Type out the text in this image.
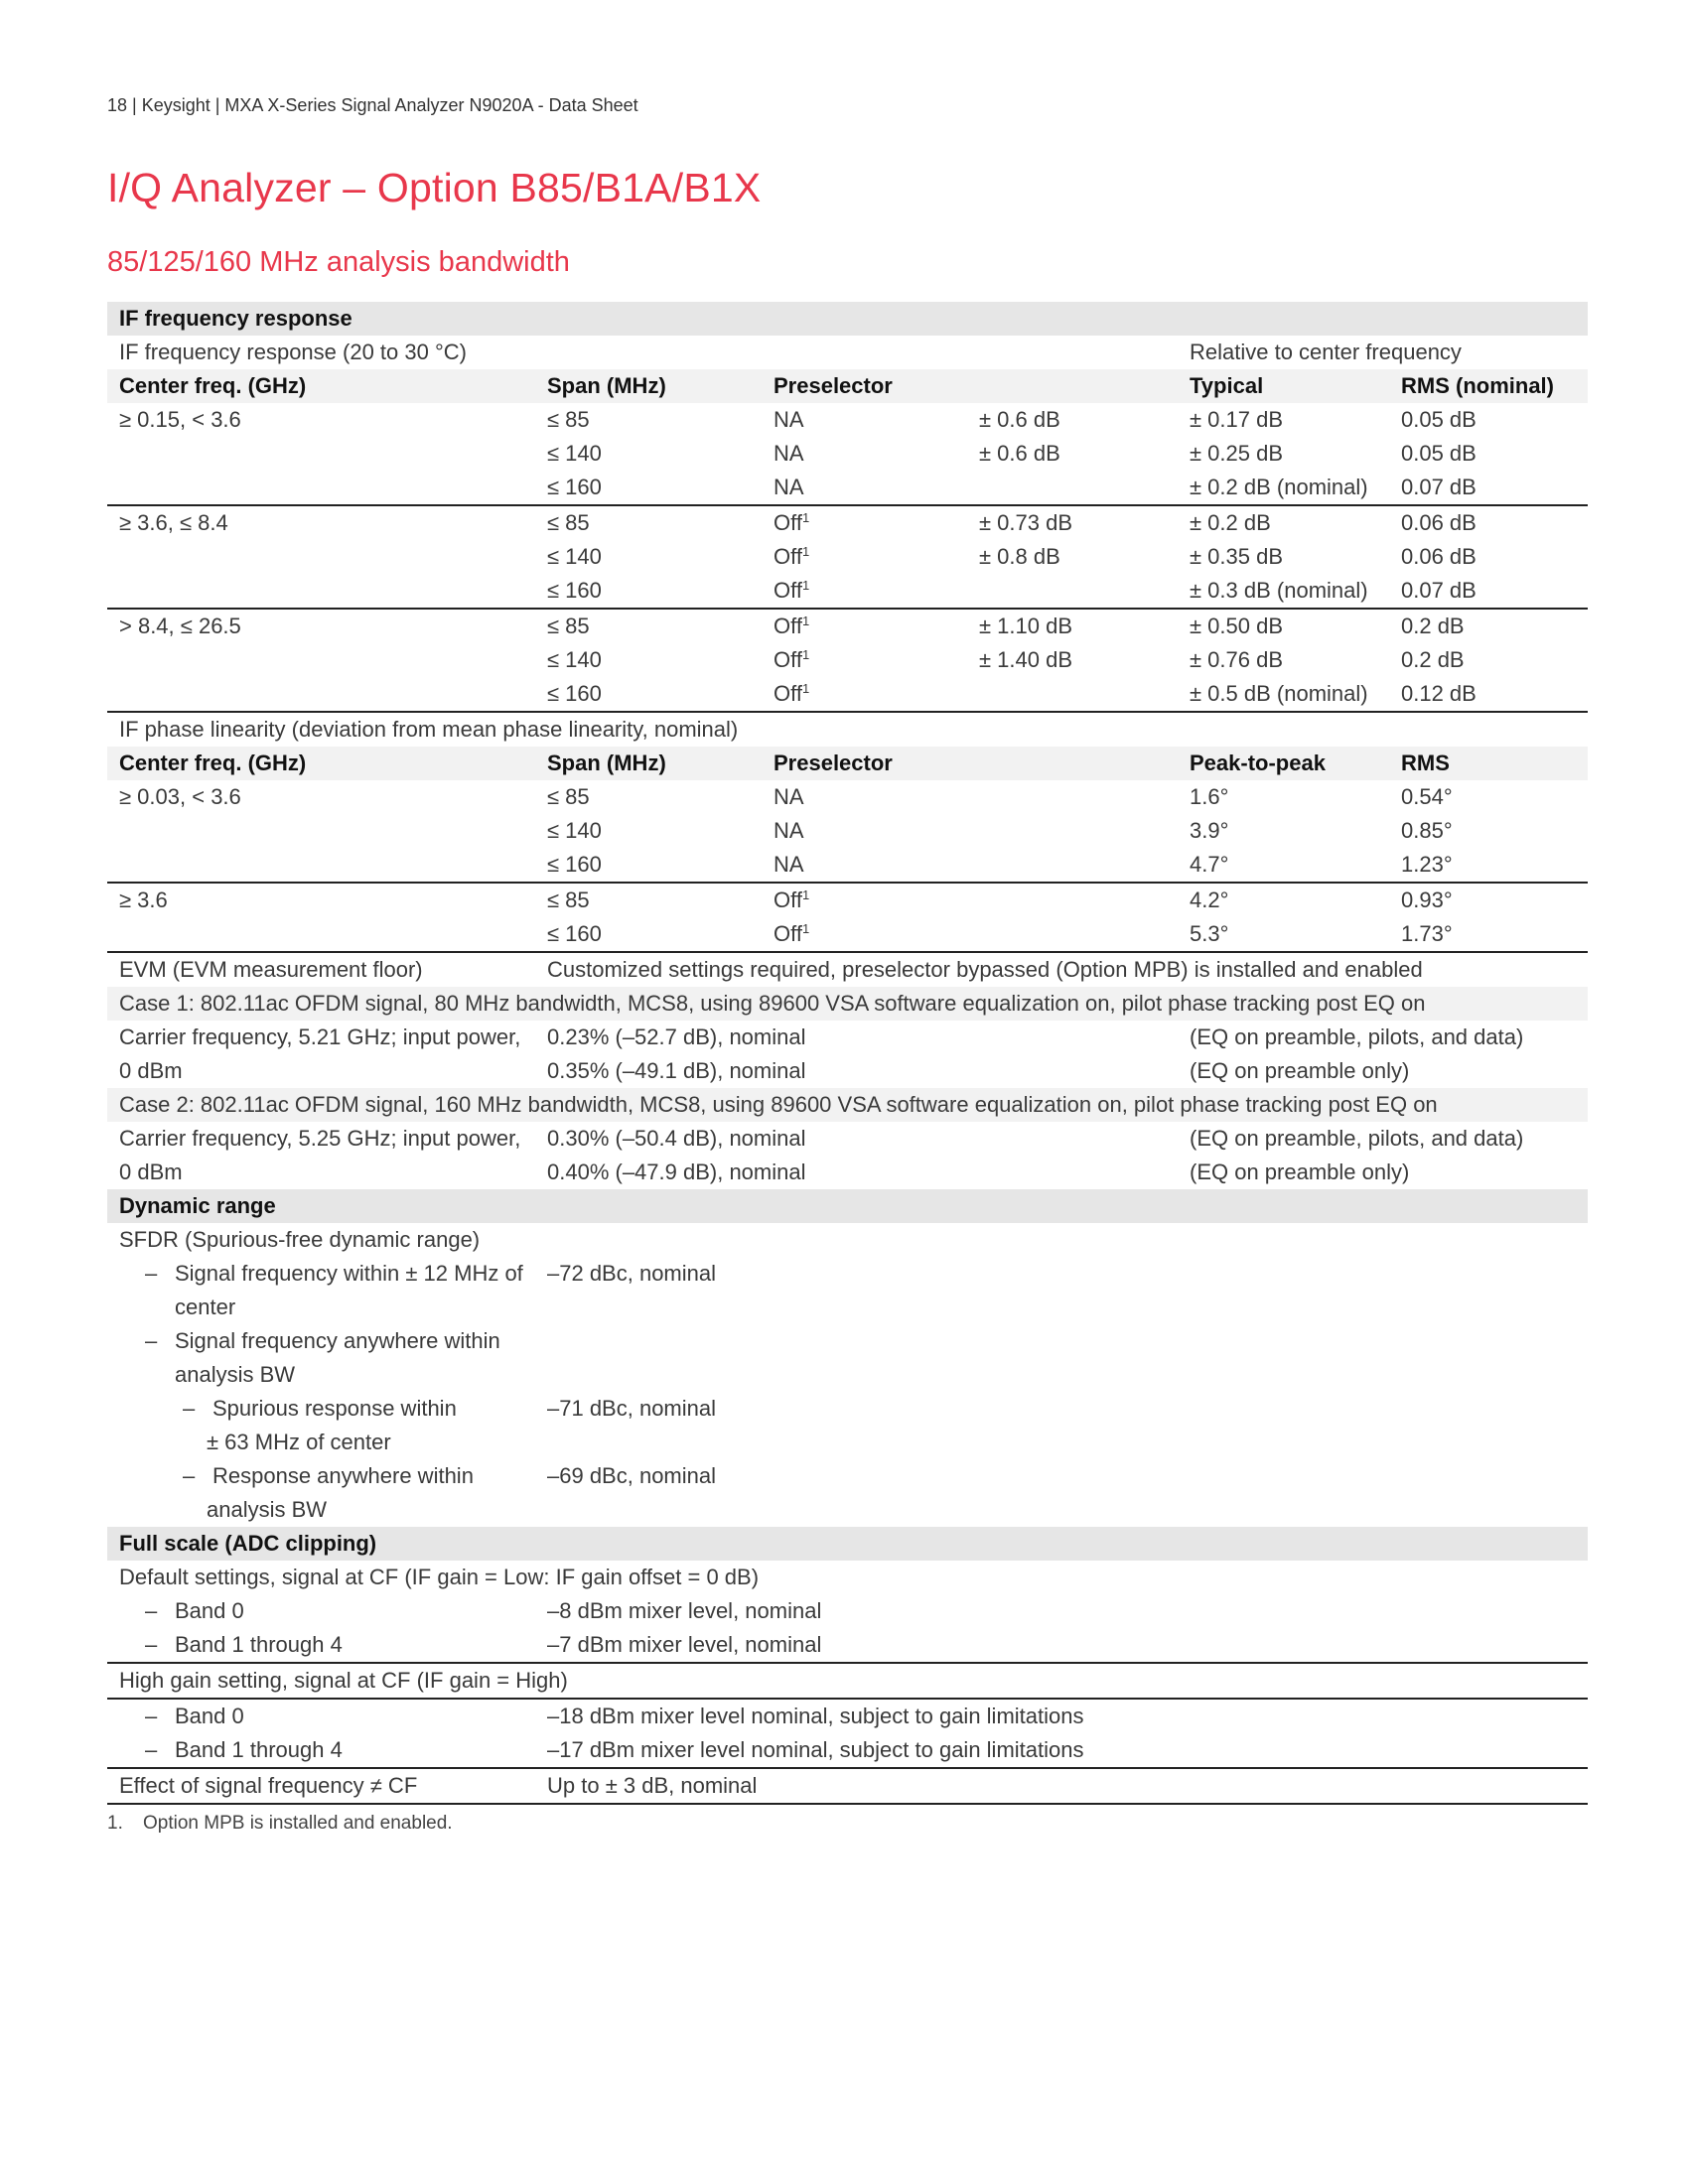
18 | Keysight | MXA X-Series Signal Analyzer N9020A - Data Sheet
I/Q Analyzer – Option B85/B1A/B1X
85/125/160 MHz analysis bandwidth
IF frequency response					
IF frequency response (20 to 30 °C)				Relative to center frequency	
Center freq. (GHz)	Span (MHz)	Preselector		Typical	RMS (nominal)
≥ 0.15, < 3.6	≤ 85	NA	± 0.6 dB	± 0.17 dB	0.05 dB
	≤ 140	NA	± 0.6 dB	± 0.25 dB	0.05 dB
	≤ 160	NA		± 0.2 dB (nominal)	0.07 dB
≥ 3.6, ≤ 8.4	≤ 85	Off$^1$	± 0.73 dB	± 0.2 dB	0.06 dB
	≤ 140	Off$^1$	± 0.8 dB	± 0.35 dB	0.06 dB
	≤ 160	Off$^1$		± 0.3 dB (nominal)	0.07 dB
> 8.4, ≤ 26.5	≤ 85	Off$^1$	± 1.10 dB	± 0.50 dB	0.2 dB
	≤ 140	Off$^1$	± 1.40 dB	± 0.76 dB	0.2 dB
	≤ 160	Off$^1$		± 0.5 dB (nominal)	0.12 dB
IF phase linearity (deviation from mean phase linearity, nominal)					
Center freq. (GHz)	Span (MHz)	Preselector		Peak-to-peak	RMS
≥ 0.03, < 3.6	≤ 85	NA		1.6°	0.54°
	≤ 140	NA		3.9°	0.85°
	≤ 160	NA		4.7°	1.23°
≥ 3.6	≤ 85	Off$^1$		4.2°	0.93°
	≤ 160	Off$^1$		5.3°	1.73°
EVM (EVM measurement floor)	Customized settings required, preselector bypassed (Option MPB) is installed and enabled				
Case 1: 802.11ac OFDM signal, 80 MHz bandwidth, MCS8, using 89600 VSA software equalization on, pilot phase tracking post EQ on					
Carrier frequency, 5.21 GHz; input power,	0.23% (–52.7 dB), nominal			(EQ on preamble, pilots, and data)	
0 dBm	0.35% (–49.1 dB), nominal			(EQ on preamble only)	
Case 2: 802.11ac OFDM signal, 160 MHz bandwidth, MCS8, using 89600 VSA software equalization on, pilot phase tracking post EQ on					
Carrier frequency, 5.25 GHz; input power,	0.30% (–50.4 dB), nominal			(EQ on preamble, pilots, and data)	
0 dBm	0.40% (–47.9 dB), nominal			(EQ on preamble only)	
Dynamic range					
SFDR (Spurious-free dynamic range)					
– Signal frequency within ± 12 MHz of	–72 dBc, nominal				
center					
– Signal frequency anywhere within					
analysis BW					
– Spurious response within	–71 dBc, nominal				
± 63 MHz of center					
– Response anywhere within	–69 dBc, nominal				
analysis BW					
Full scale (ADC clipping)					
Default settings, signal at CF (IF gain = Low: IF gain offset = 0 dB)					
– Band 0	–8 dBm mixer level, nominal				
– Band 1 through 4	–7 dBm mixer level, nominal				
High gain setting, signal at CF (IF gain = High)					
– Band 0	–18 dBm mixer level nominal, subject to gain limitations				
– Band 1 through 4	–17 dBm mixer level nominal, subject to gain limitations				
Effect of signal frequency ≠ CF	Up to ± 3 dB, nominal				
1. Option MPB is installed and enabled.
